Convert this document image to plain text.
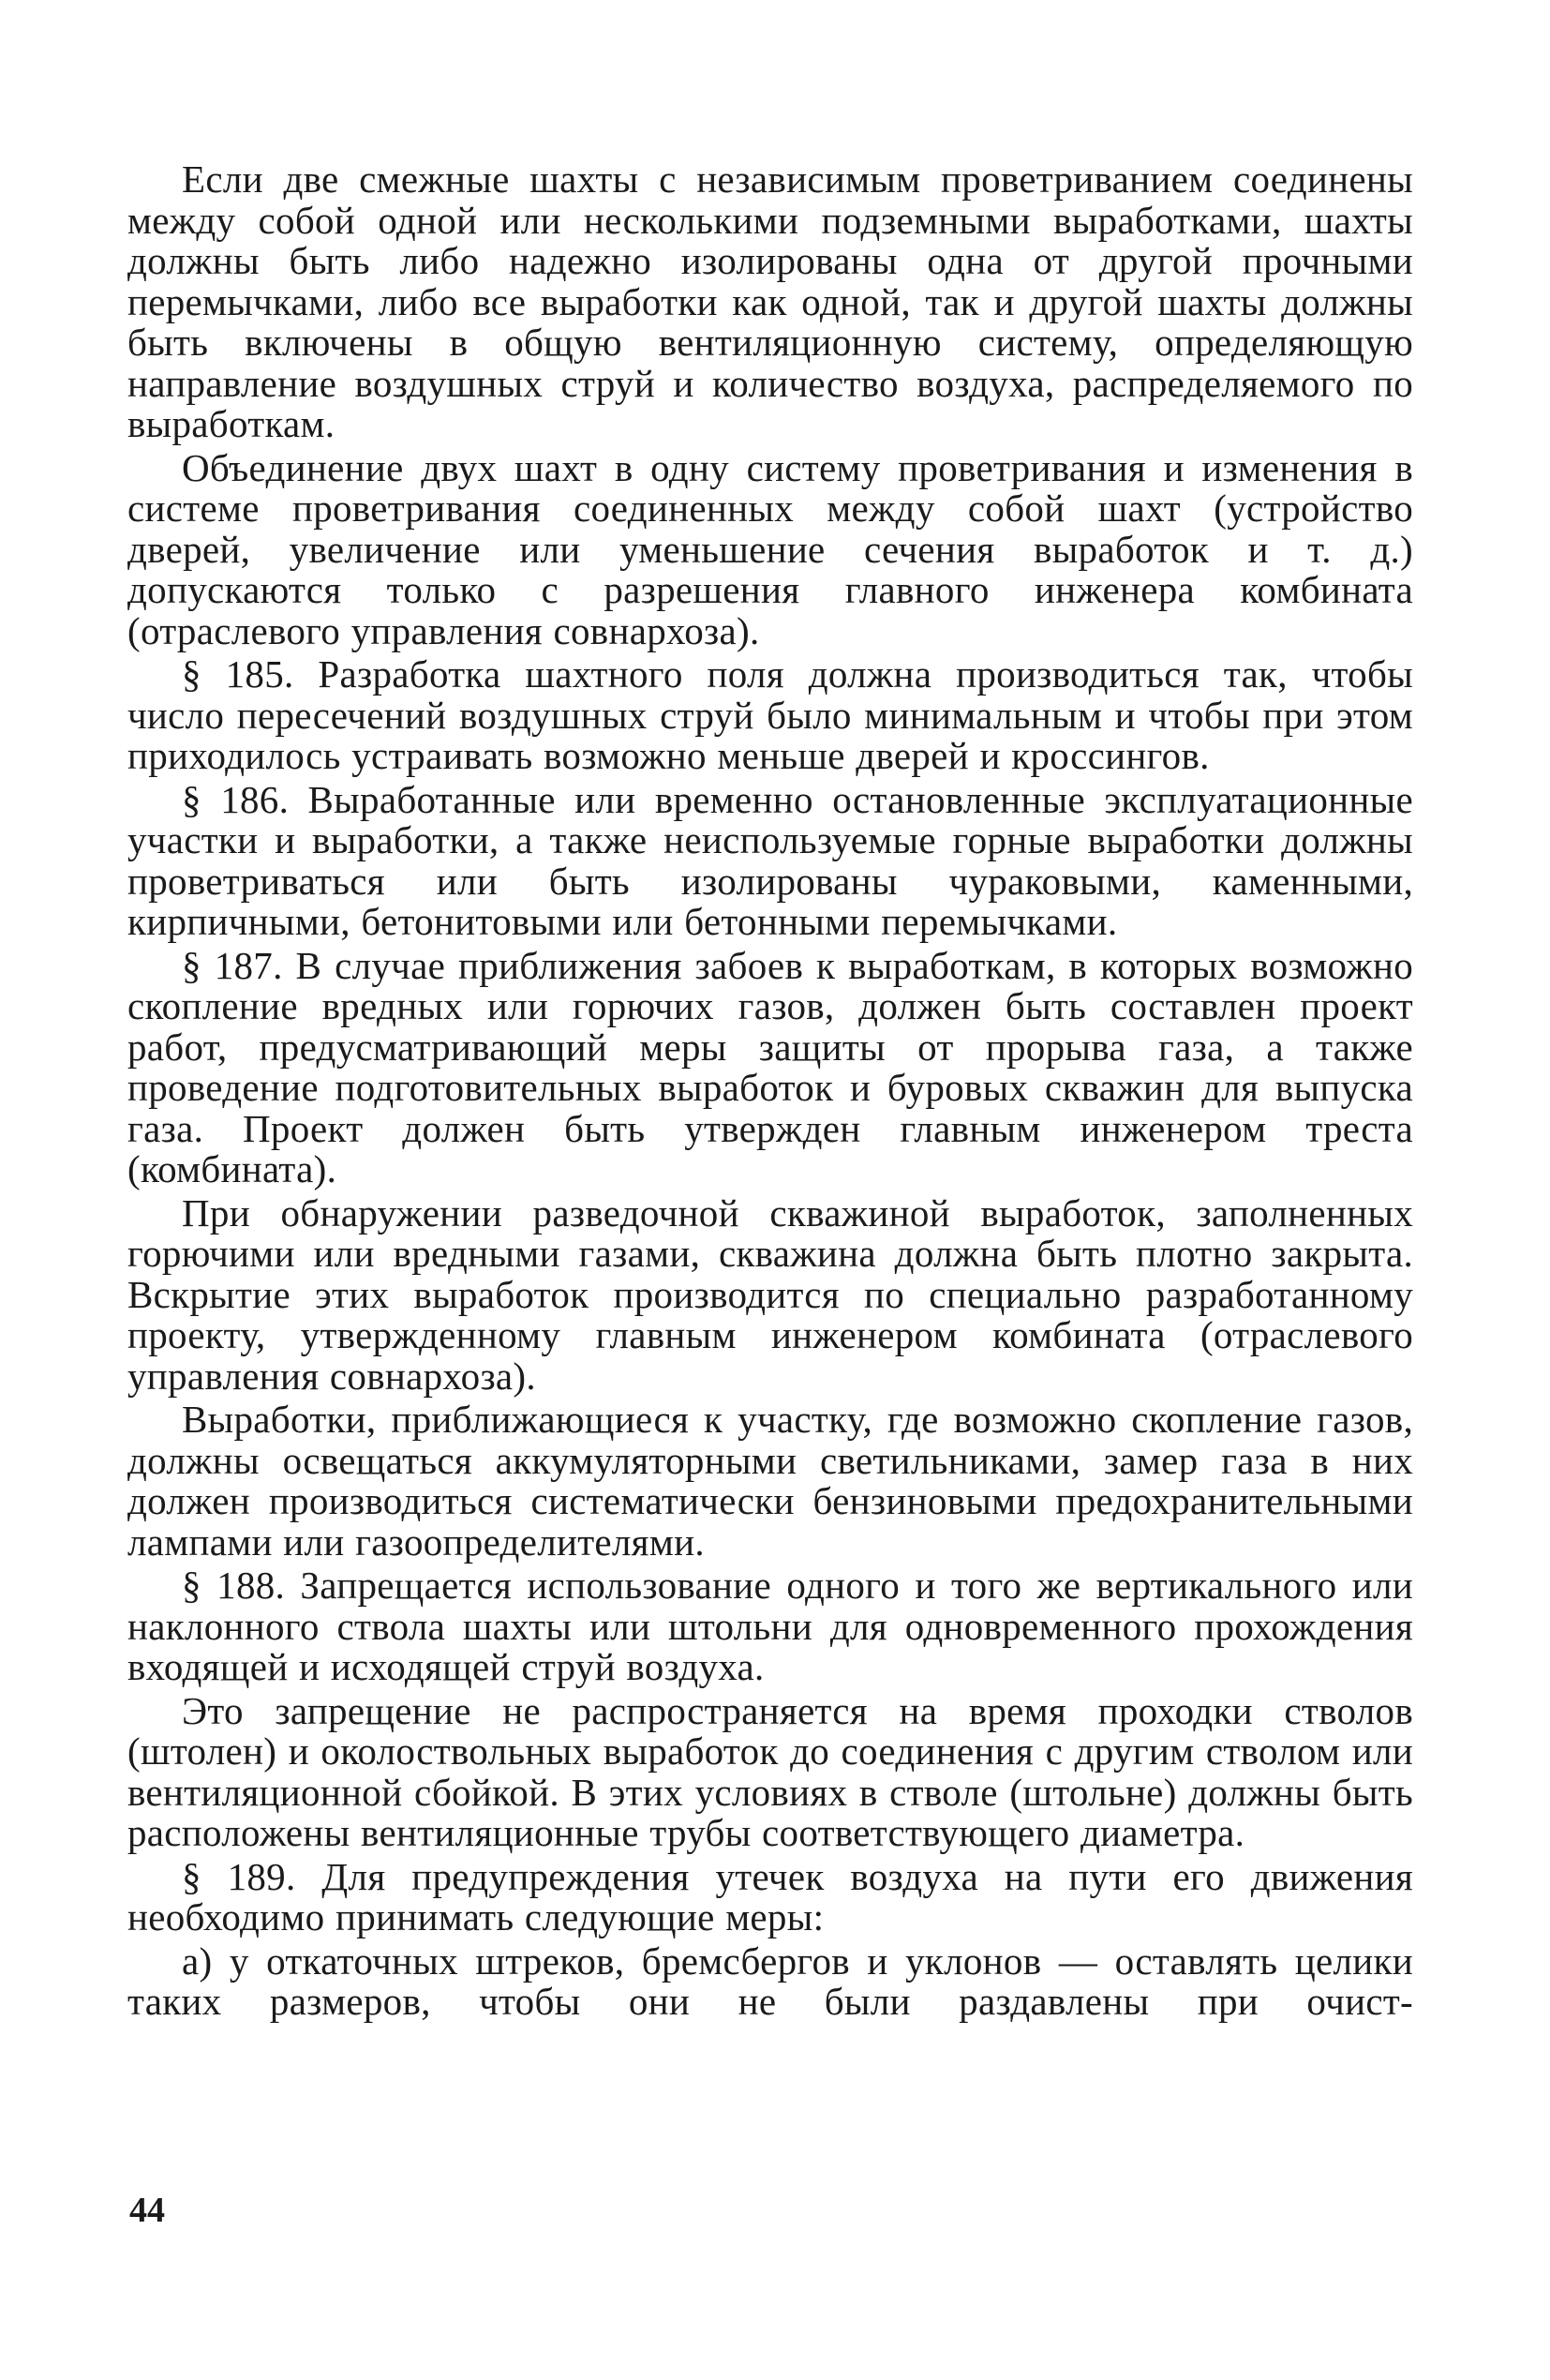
Если две смежные шахты с независимым проветриванием соединены между собой одной или несколькими подземными выработками, шахты должны быть либо надежно изолированы одна от другой прочными перемычками, либо все выработки как одной, так и другой шахты должны быть включены в общую вентиляционную систему, определяющую направление воздушных струй и количество воздуха, распределяемого по выработкам.

Объединение двух шахт в одну систему проветривания и изменения в системе проветривания соединенных между собой шахт (устройство дверей, увеличение или уменьшение сечения выработок и т. д.) допускаются только с разрешения главного инженера комбината (отраслевого управления совнархоза).

§ 185. Разработка шахтного поля должна производиться так, чтобы число пересечений воздушных струй было минимальным и чтобы при этом приходилось устраивать возможно меньше дверей и кроссингов.

§ 186. Выработанные или временно остановленные эксплуатационные участки и выработки, а также неиспользуемые горные выработки должны проветриваться или быть изолированы чураковыми, каменными, кирпичными, бетонитовыми или бетонными перемычками.

§ 187. В случае приближения забоев к выработкам, в которых возможно скопление вредных или горючих газов, должен быть составлен проект работ, предусматривающий меры защиты от прорыва газа, а также проведение подготовительных выработок и буровых скважин для выпуска газа. Проект должен быть утвержден главным инженером треста (комбината).

При обнаружении разведочной скважиной выработок, заполненных горючими или вредными газами, скважина должна быть плотно закрыта. Вскрытие этих выработок производится по специально разработанному проекту, утвержденному главным инженером комбината (отраслевого управления совнархоза).

Выработки, приближающиеся к участку, где возможно скопление газов, должны освещаться аккумуляторными светильниками, замер газа в них должен производиться систематически бензиновыми предохранительными лампами или газоопределителями.

§ 188. Запрещается использование одного и того же вертикального или наклонного ствола шахты или штольни для одновременного прохождения входящей и исходящей струй воздуха.

Это запрещение не распространяется на время проходки стволов (штолен) и околоствольных выработок до соединения с другим стволом или вентиляционной сбойкой. В этих условиях в стволе (штольне) должны быть расположены вентиляционные трубы соответствующего диаметра.

§ 189. Для предупреждения утечек воздуха на пути его движения необходимо принимать следующие меры:

а) у откаточных штреков, бремсбергов и уклонов — оставлять целики таких размеров, чтобы они не были раздавлены при очист-

44
